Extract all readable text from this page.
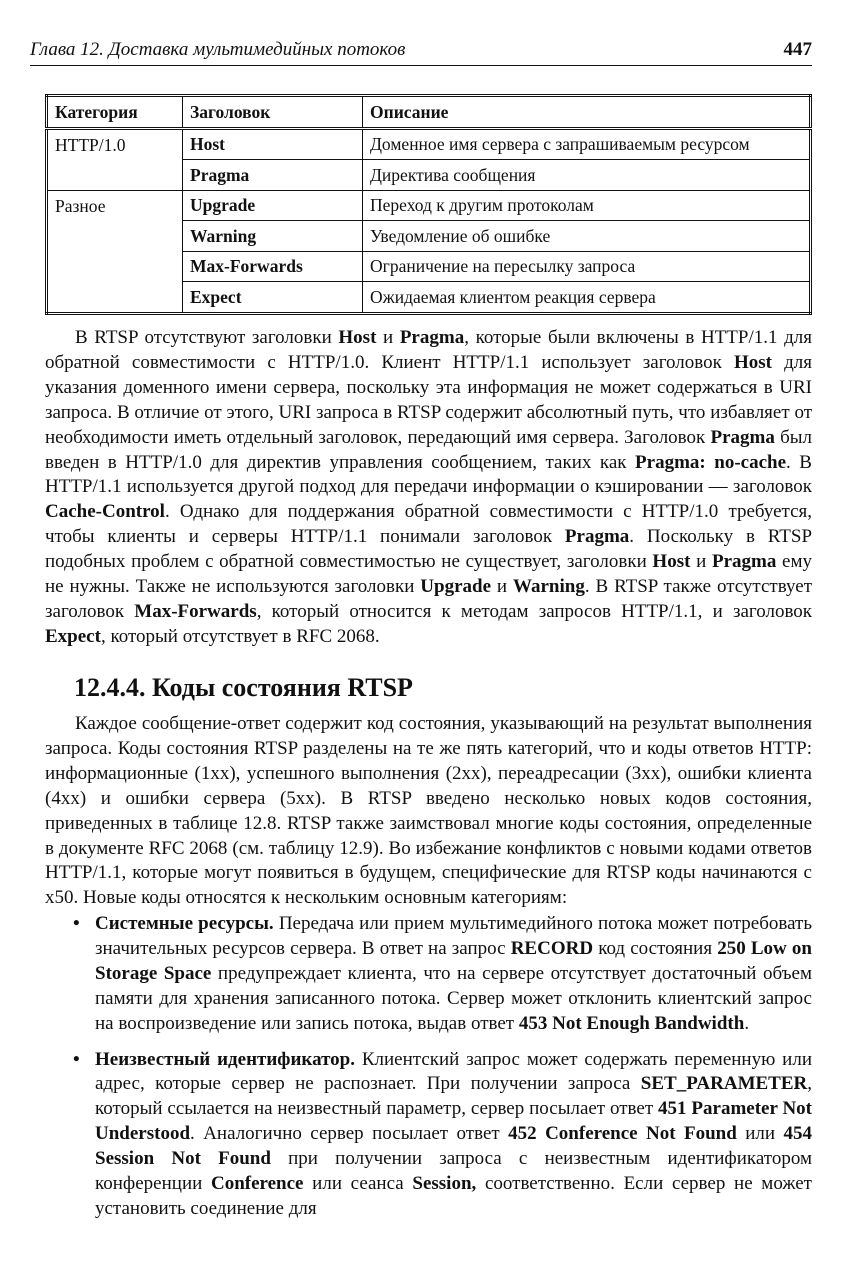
Глава 12. Доставка мультимедийных потоков	447
Категория	Заголовок	Описание
HTTP/1.0	Host	Доменное имя сервера с запрашиваемым ресурсом
	Pragma	Директива сообщения
Разное	Upgrade	Переход к другим протоколам
	Warning	Уведомление об ошибке
	Max-Forwards	Ограничение на пересылку запроса
	Expect	Ожидаемая клиентом реакция сервера

В RTSP отсутствуют заголовки Host и Pragma, которые были включены в HTTP/1.1 для обратной совместимости с HTTP/1.0. Клиент HTTP/1.1 использует заголовок Host для указания доменного имени сервера, поскольку эта информация не может содержаться в URI запроса. В отличие от этого, URI запроса в RTSP содержит абсолютный путь, что избавляет от необходимости иметь отдельный заголовок, передающий имя сервера. Заголовок Pragma был введен в HTTP/1.0 для директив управления сообщением, таких как Pragma: no-cache. В HTTP/1.1 используется другой подход для передачи информации о кэшировании — заголовок Cache-Control. Однако для поддержания обратной совместимости с HTTP/1.0 требуется, чтобы клиенты и серверы HTTP/1.1 понимали заголовок Pragma. Поскольку в RTSP подобных проблем с обратной совместимостью не существует, заголовки Host и Pragma ему не нужны. Также не используются заголовки Upgrade и Warning. В RTSP также отсутствует заголовок Max-Forwards, который относится к методам запросов HTTP/1.1, и заголовок Expect, который отсутствует в RFC 2068.

12.4.4. Коды состояния RTSP

Каждое сообщение-ответ содержит код состояния, указывающий на результат выполнения запроса. Коды состояния RTSP разделены на те же пять категорий, что и коды ответов HTTP: информационные (1xx), успешного выполнения (2xx), переадресации (3xx), ошибки клиента (4xx) и ошибки сервера (5xx). В RTSP введено несколько новых кодов состояния, приведенных в таблице 12.8. RTSP также заимствовал многие коды состояния, определенные в документе RFC 2068 (см. таблицу 12.9). Во избежание конфликтов с новыми кодами ответов HTTP/1.1, которые могут появиться в будущем, специфические для RTSP коды начинаются с x50. Новые коды относятся к нескольким основным категориям:

• Системные ресурсы. Передача или прием мультимедийного потока может потребовать значительных ресурсов сервера. В ответ на запрос RECORD код состояния 250 Low on Storage Space предупреждает клиента, что на сервере отсутствует достаточный объем памяти для хранения записанного потока. Сервер может отклонить клиентский запрос на воспроизведение или запись потока, выдав ответ 453 Not Enough Bandwidth.
• Неизвестный идентификатор. Клиентский запрос может содержать переменную или адрес, которые сервер не распознает. При получении запроса SET_PARAMETER, который ссылается на неизвестный параметр, сервер посылает ответ 451 Parameter Not Understood. Аналогично сервер посылает ответ 452 Conference Not Found или 454 Session Not Found при получении запроса с неизвестным идентификатором конференции Conference или сеанса Session, соответственно. Если сервер не может установить соединение для
